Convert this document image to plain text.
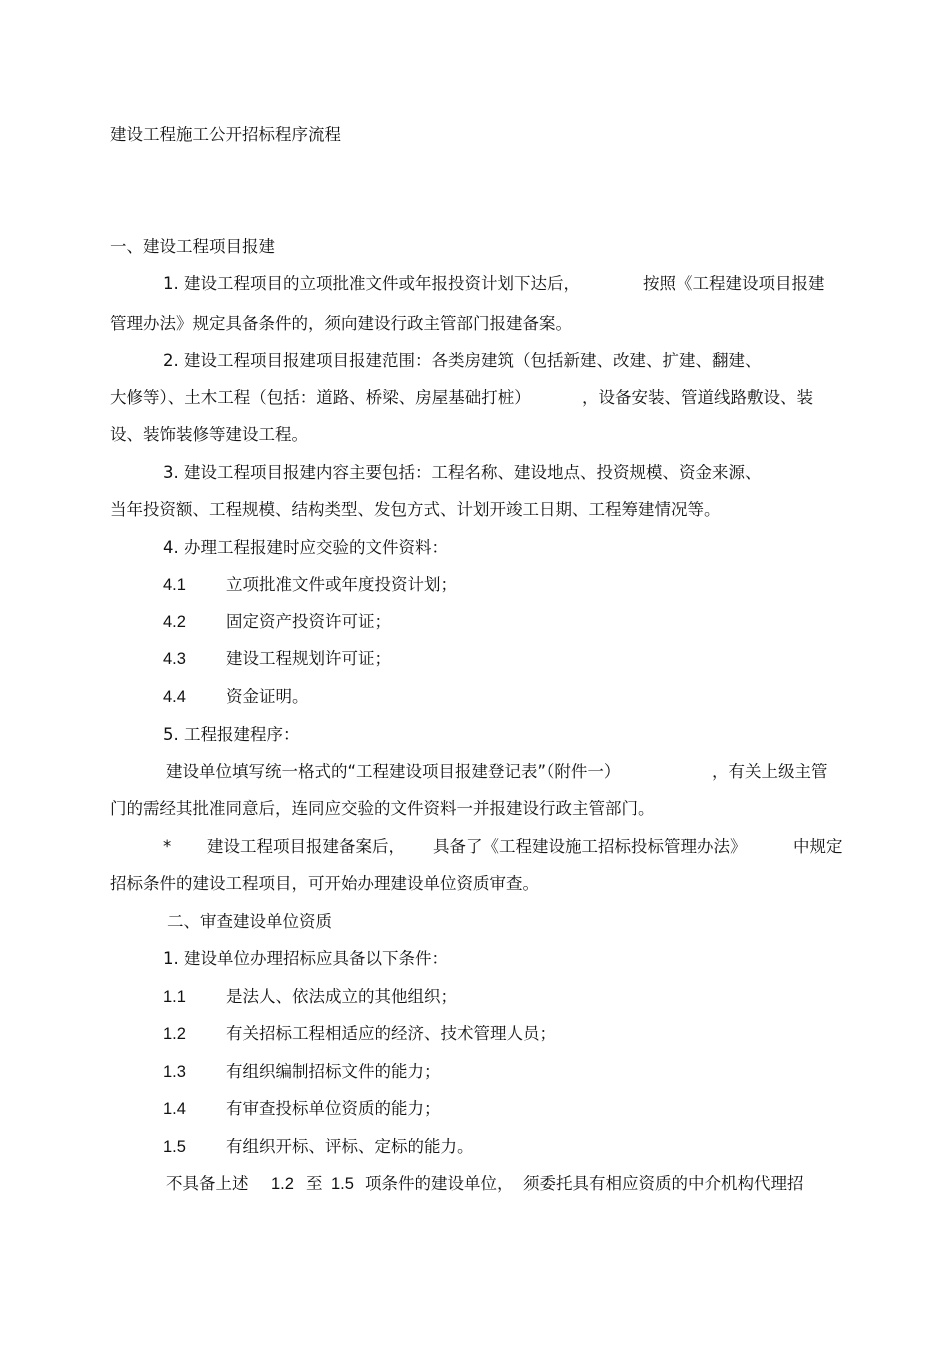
建设工程施工公开招标程序流程
一、建设工程项目报建
1. 建设工程项目的立项批准文件或年报投资计划下达后，	按照《工程建设项目报建
管理办法》规定具备条件的，须向建设行政主管部门报建备案。
2. 建设工程项目报建项目报建范围：各类房建筑（包括新建、改建、扩建、翻建、
大修等）、土木工程（包括：道路、桥梁、房屋基础打桩）	，设备安装、管道线路敷设、装
设、装饰装修等建设工程。
3. 建设工程项目报建内容主要包括：工程名称、建设地点、投资规模、资金来源、
当年投资额、工程规模、结构类型、发包方式、计划开竣工日期、工程筹建情况等。
4. 办理工程报建时应交验的文件资料：
4.1 立项批准文件或年度投资计划；
4.2 固定资产投资许可证；
4.3 建设工程规划许可证；
4.4 资金证明。
5. 工程报建程序：
建设单位填写统一格式的“工程建设项目报建登记表”（附件一）	，有关上级主管
门的需经其批准同意后，连同应交验的文件资料一并报建设行政主管部门。
* 建设工程项目报建备案后， 具备了《工程建设施工招标投标管理办法》	中规定
招标条件的建设工程项目，可开始办理建设单位资质审查。
二、审查建设单位资质
1. 建设单位办理招标应具备以下条件：
1.1 是法人、依法成立的其他组织；
1.2 有关招标工程相适应的经济、技术管理人员；
1.3 有组织编制招标文件的能力；
1.4 有审查投标单位资质的能力；
1.5 有组织开标、评标、定标的能力。
不具备上述 1.2 至 1.5 项条件的建设单位， 须委托具有相应资质的中介机构代理招
